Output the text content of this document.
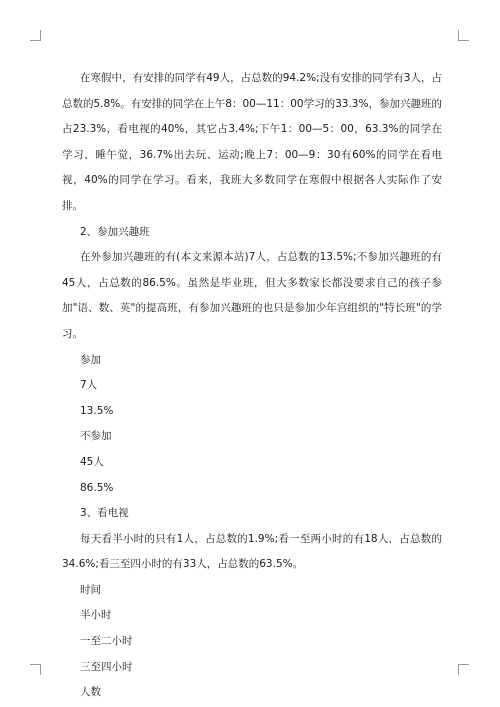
在寒假中，有安排的同学有49人，占总数的94.2%;没有安排的同学有3人，占总数的5.8%。有安排的同学在上午8：00—11：00学习的33.3%，参加兴趣班的占23.3%，看电视的40%，其它占3.4%;下午1：00—5：00，63.3%的同学在学习、睡午觉，36.7%出去玩、运动;晚上7：00—9：30有60%的同学在看电视，40%的同学在学习。看来，我班大多数同学在寒假中根据各人实际作了安排。

2、参加兴趣班

在外参加兴趣班的有(本文来源本站)7人，占总数的13.5%;不参加兴趣班的有45人，占总数的86.5%。虽然是毕业班，但大多数家长都没要求自己的孩子参加"语、数、英"的提高班，有参加兴趣班的也只是参加少年宫组织的"特长班"的学习。

参加

7人

13.5%

不参加

45人

86.5%

3、看电视

每天看半小时的只有1人，占总数的1.9%;看一至两小时的有18人，占总数的34.6%;看三至四小时的有33人，占总数的63.5%。

时间

半小时

一至二小时

三至四小时

人数
